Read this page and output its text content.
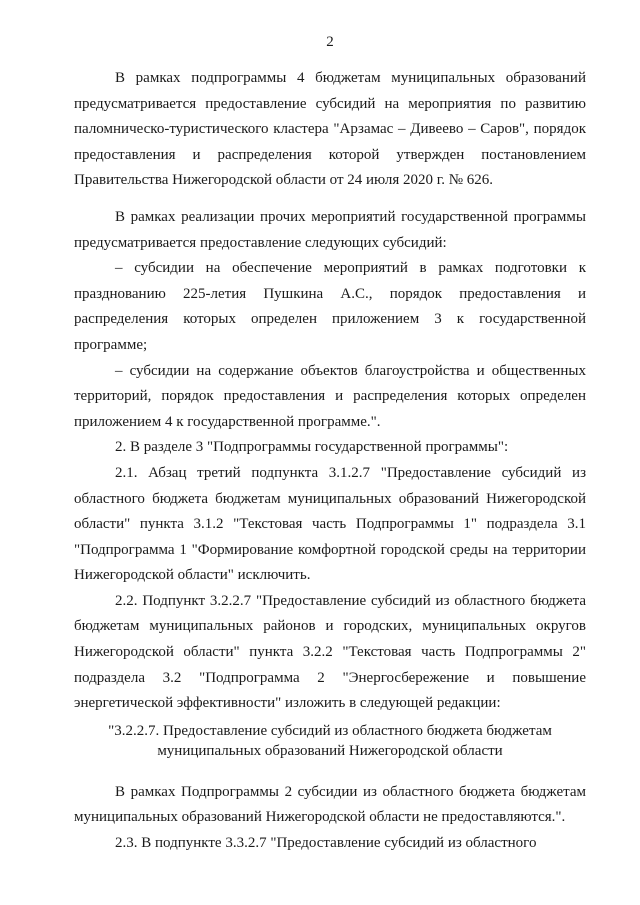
2

В рамках подпрограммы 4 бюджетам муниципальных образований предусматривается предоставление субсидий на мероприятия по развитию паломническо-туристического кластера "Арзамас – Дивеево – Саров", порядок предоставления и распределения которой утвержден постановлением Правительства Нижегородской области от 24 июля 2020 г. № 626.

В рамках реализации прочих мероприятий государственной программы предусматривается предоставление следующих субсидий:

– субсидии на обеспечение мероприятий в рамках подготовки к празднованию 225-летия Пушкина А.С., порядок предоставления и распределения которых определен приложением 3 к государственной программе;

– субсидии на содержание объектов благоустройства и общественных территорий, порядок предоставления и распределения которых определен приложением 4 к государственной программе.".

2. В разделе 3 "Подпрограммы государственной программы":

2.1. Абзац третий подпункта 3.1.2.7 "Предоставление субсидий из областного бюджета бюджетам муниципальных образований Нижегородской области" пункта 3.1.2 "Текстовая часть Подпрограммы 1" подраздела 3.1 "Подпрограмма 1 "Формирование комфортной городской среды на территории Нижегородской области" исключить.

2.2. Подпункт 3.2.2.7 "Предоставление субсидий из областного бюджета бюджетам муниципальных районов и городских, муниципальных округов Нижегородской области" пункта 3.2.2 "Текстовая часть Подпрограммы 2" подраздела 3.2 "Подпрограмма 2 "Энергосбережение и повышение энергетической эффективности" изложить в следующей редакции:

"3.2.2.7. Предоставление субсидий из областного бюджета бюджетам
муниципальных образований Нижегородской области

В рамках Подпрограммы 2 субсидии из областного бюджета бюджетам муниципальных образований Нижегородской области не предоставляются.".

2.3. В подпункте 3.3.2.7 "Предоставление субсидий из областного
